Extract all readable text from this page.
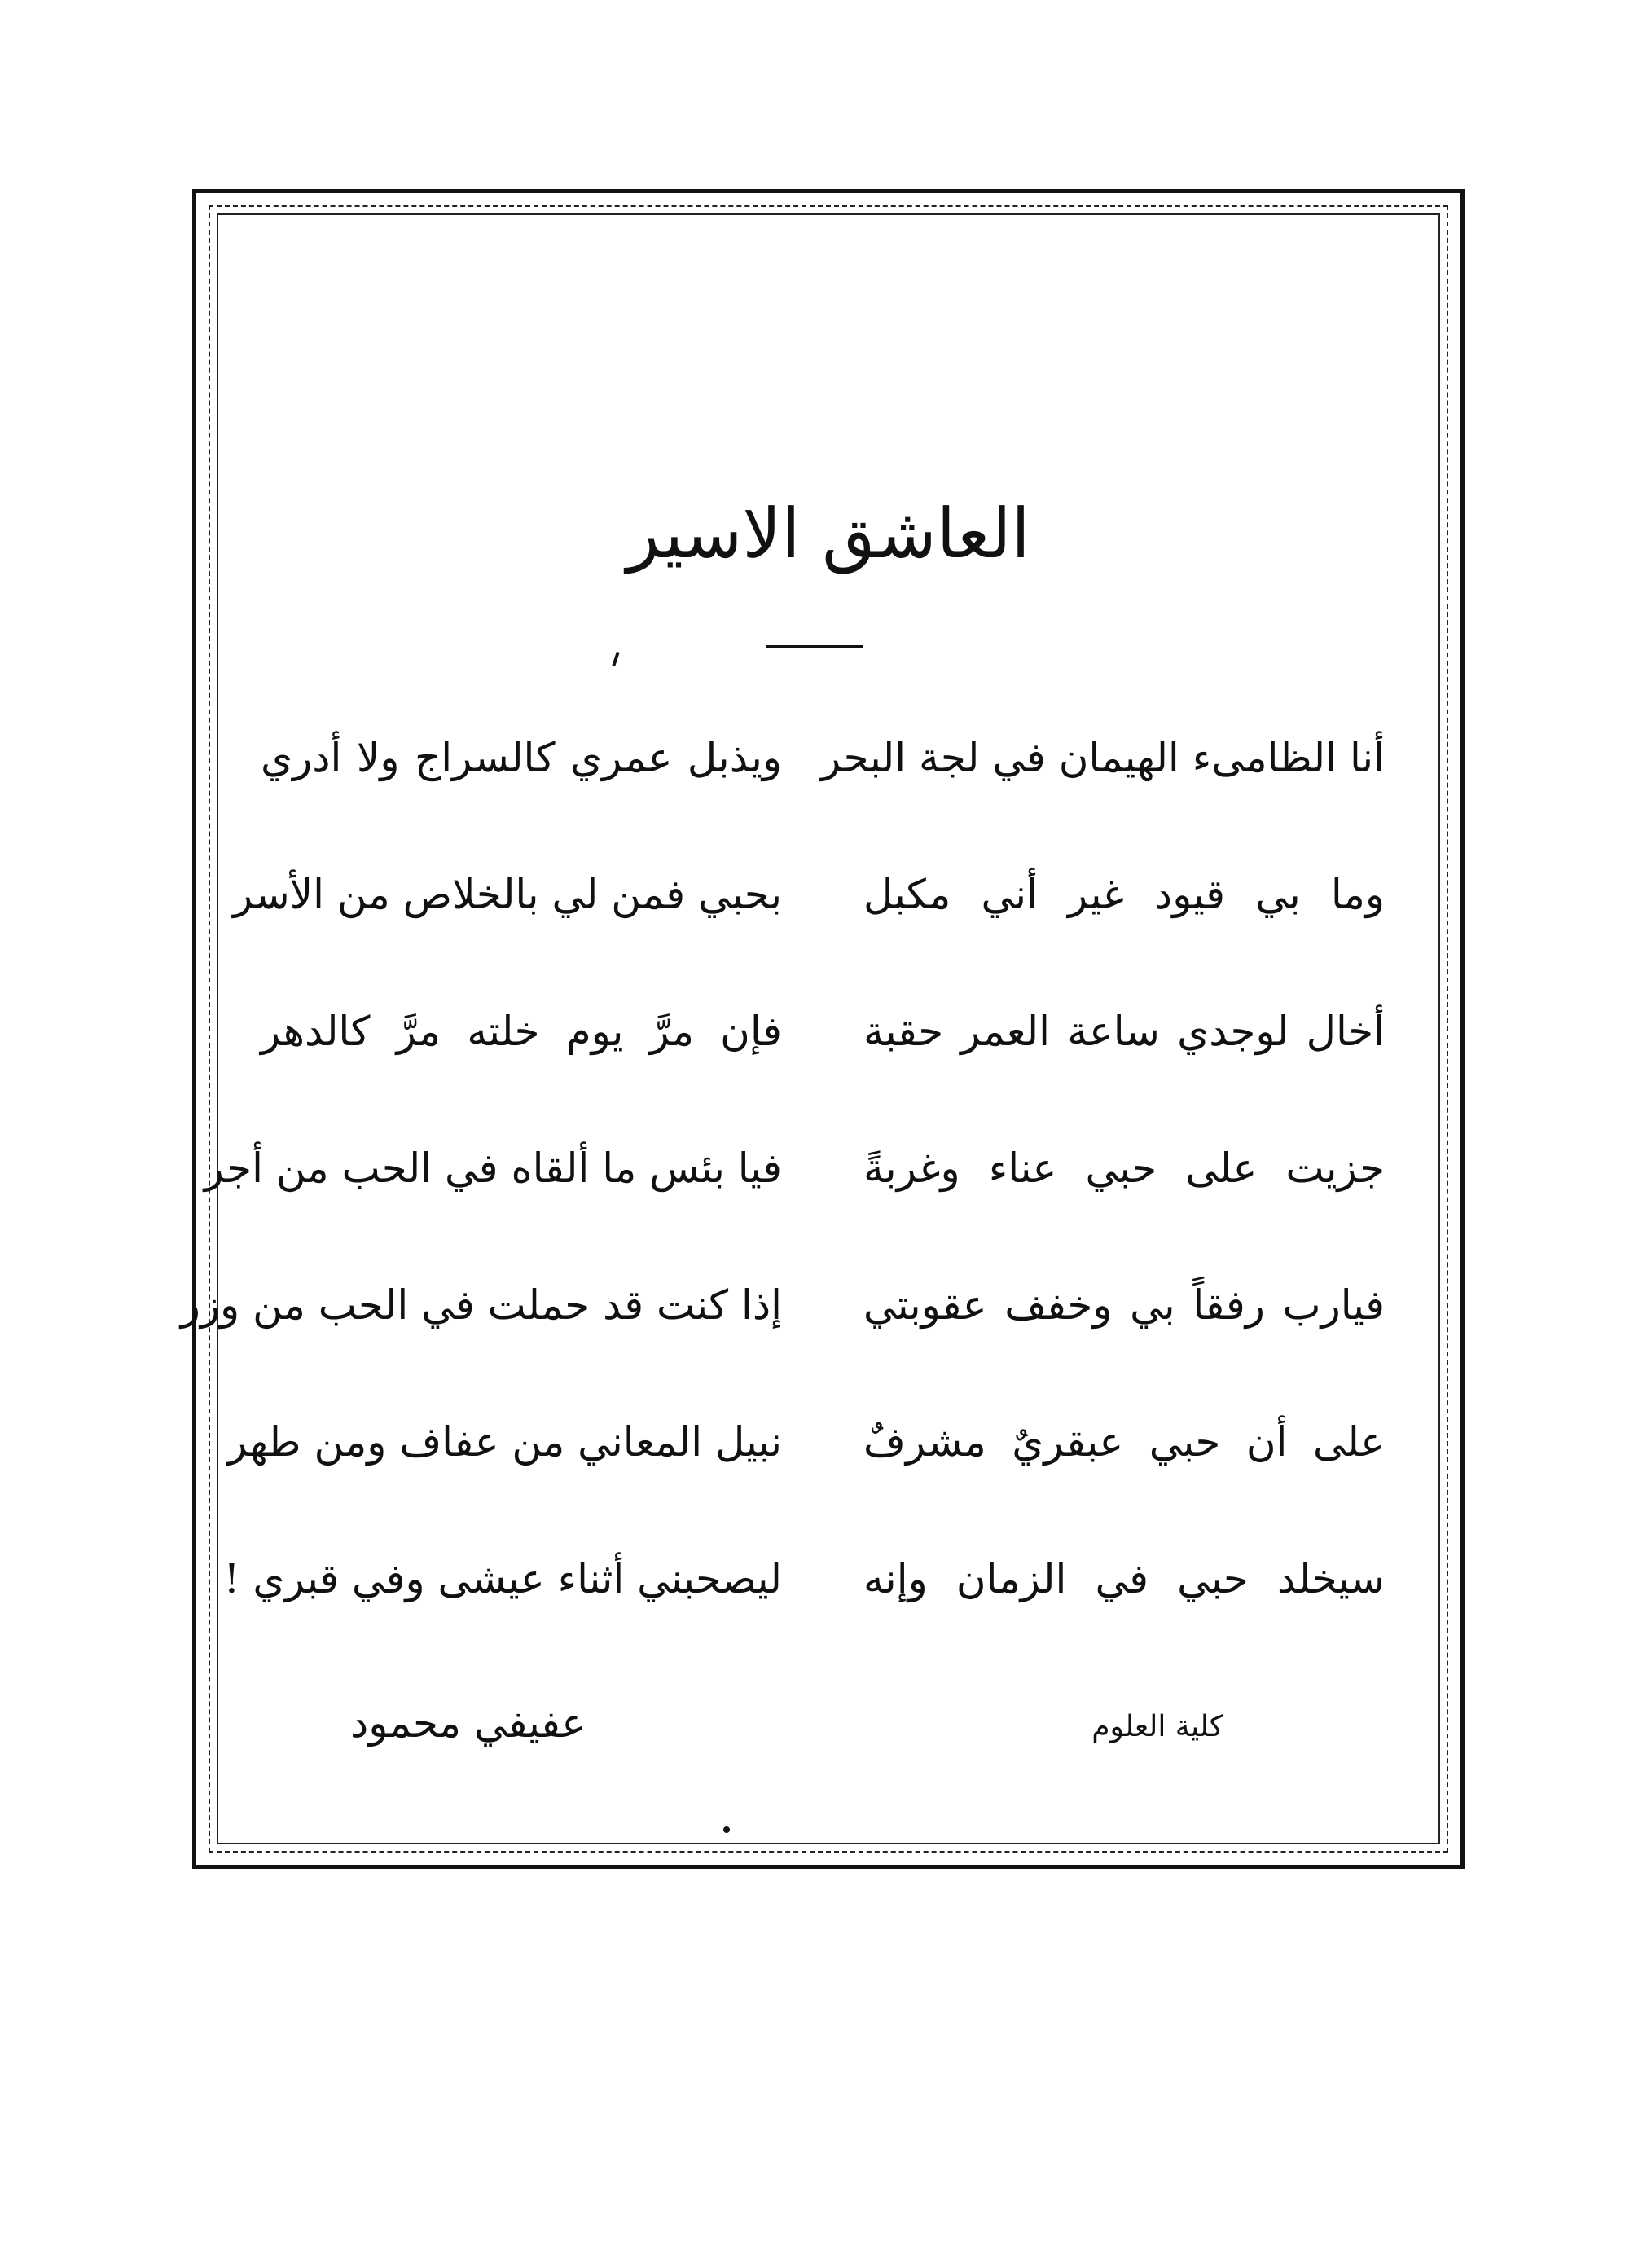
العاشق الاسير
أنا الظامىء الهيمان في لجة البحر
ويذبل عمري كالسراج ولا أدري
وما بي قيود غير أني مكبل
بحبي فمن لي بالخلاص من الأسر
أخال لوجدي ساعة العمر حقبة
فإن مرَّ يوم خلته مرَّ كالدهر
جزيت على حبي عناء وغربةً
فيا بئس ما ألقاه في الحب من أجر
فيارب رفقاً بي وخفف عقوبتي
إذا كنت قد حملت في الحب من وزر
على أن حبي عبقريٌ مشرفٌ
نبيل المعاني من عفاف ومن طهر
سيخلد حبي في الزمان وإنه
ليصحبني أثناء عيشى وفي قبري !
كلية العلوم
عفيفي محمود
